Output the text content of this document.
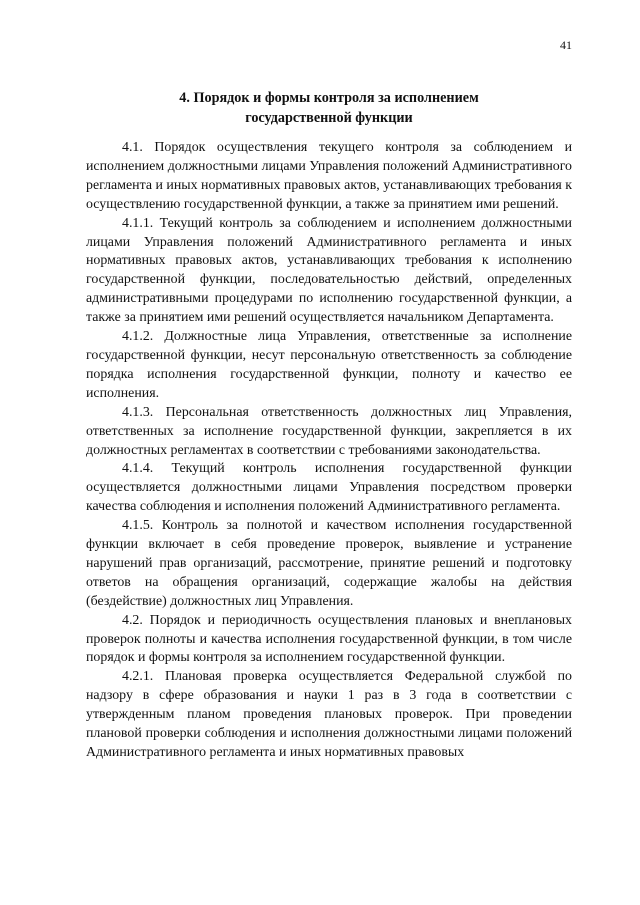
41
4. Порядок и формы контроля за исполнением
государственной функции

4.1. Порядок осуществления текущего контроля за соблюдением и исполнением должностными лицами Управления положений Административного регламента и иных нормативных правовых актов, устанавливающих требования к осуществлению государственной функции, а также за принятием ими решений.

4.1.1. Текущий контроль за соблюдением и исполнением должностными лицами Управления положений Административного регламента и иных нормативных правовых актов, устанавливающих требования к исполнению государственной функции, последовательностью действий, определенных административными процедурами по исполнению государственной функции, а также за принятием ими решений осуществляется начальником Департамента.

4.1.2. Должностные лица Управления, ответственные за исполнение государственной функции, несут персональную ответственность за соблюдение порядка исполнения государственной функции, полноту и качество ее исполнения.

4.1.3. Персональная ответственность должностных лиц Управления, ответственных за исполнение государственной функции, закрепляется в их должностных регламентах в соответствии с требованиями законодательства.

4.1.4. Текущий контроль исполнения государственной функции осуществляется должностными лицами Управления посредством проверки качества соблюдения и исполнения положений Административного регламента.

4.1.5. Контроль за полнотой и качеством исполнения государственной функции включает в себя проведение проверок, выявление и устранение нарушений прав организаций, рассмотрение, принятие решений и подготовку ответов на обращения организаций, содержащие жалобы на действия (бездействие) должностных лиц Управления.

4.2. Порядок и периодичность осуществления плановых и внеплановых проверок полноты и качества исполнения государственной функции, в том числе порядок и формы контроля за исполнением государственной функции.

4.2.1. Плановая проверка осуществляется Федеральной службой по надзору в сфере образования и науки 1 раз в 3 года в соответствии с утвержденным планом проведения плановых проверок. При проведении плановой проверки соблюдения и исполнения должностными лицами положений Административного регламента и иных нормативных правовых
